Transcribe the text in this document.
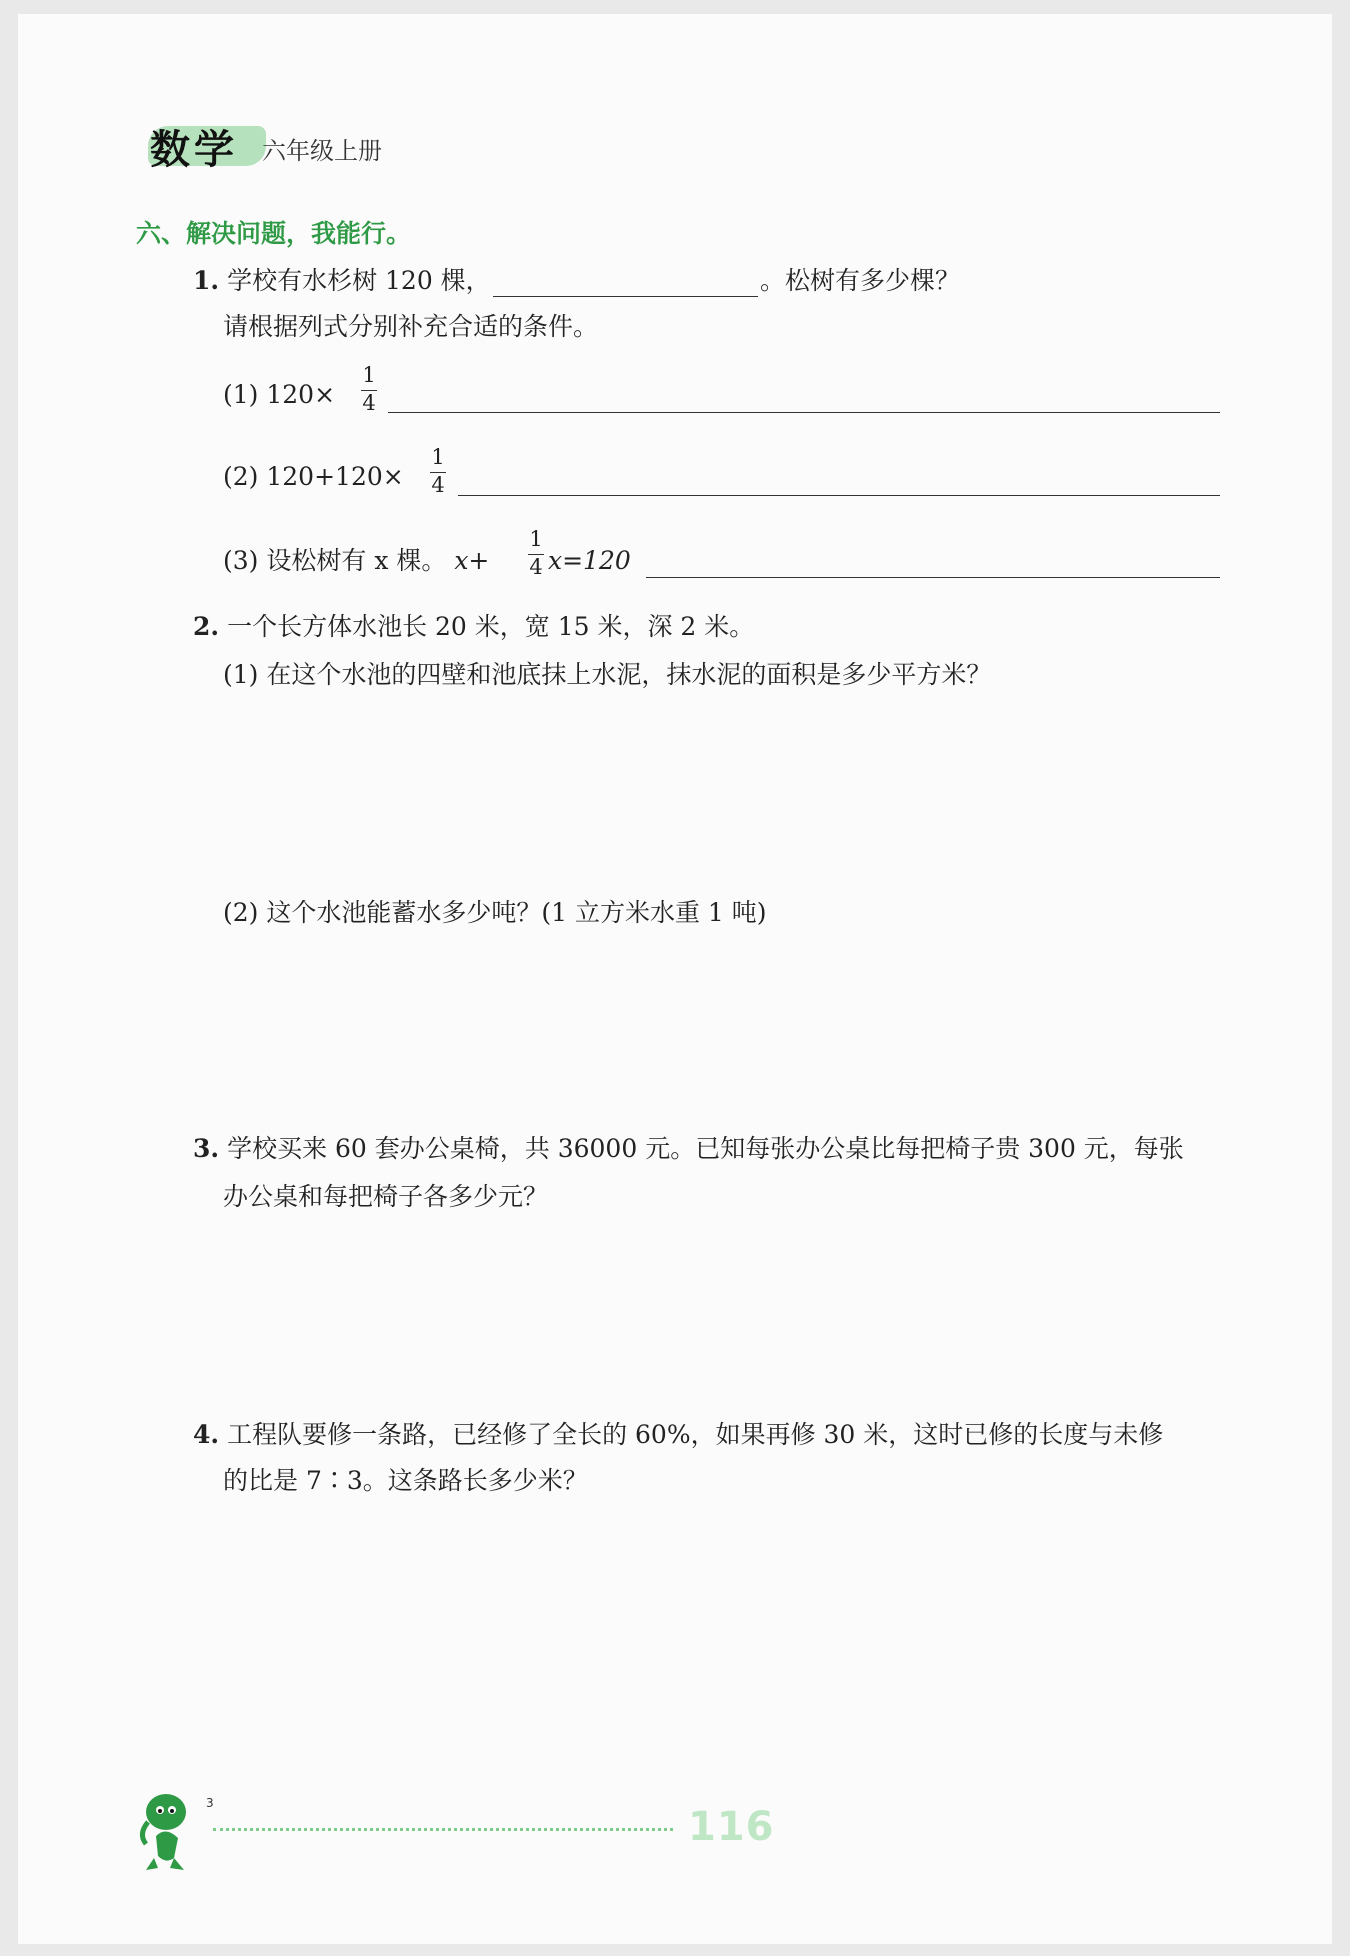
数学 六年级上册
六、解决问题，我能行。
1. 学校有水杉树 120 棵，	。松树有多少棵？
请根据列式分别补充合适的条件。
(1) 120×
1
4
(2) 120+120×
1
4
(3) 设松树有 x 棵。 x+
1
4 x=120
2. 一个长方体水池长 20 米，宽 15 米，深 2 米。
(1) 在这个水池的四壁和池底抹上水泥，抹水泥的面积是多少平方米？
(2) 这个水池能蓄水多少吨？(1 立方米水重 1 吨)
3. 学校买来 60 套办公桌椅，共 36000 元。已知每张办公桌比每把椅子贵 300 元，每张
办公桌和每把椅子各多少元？
4. 工程队要修一条路，已经修了全长的 60%，如果再修 30 米，这时已修的长度与未修
的比是 7∶3。这条路长多少米？
3
116
